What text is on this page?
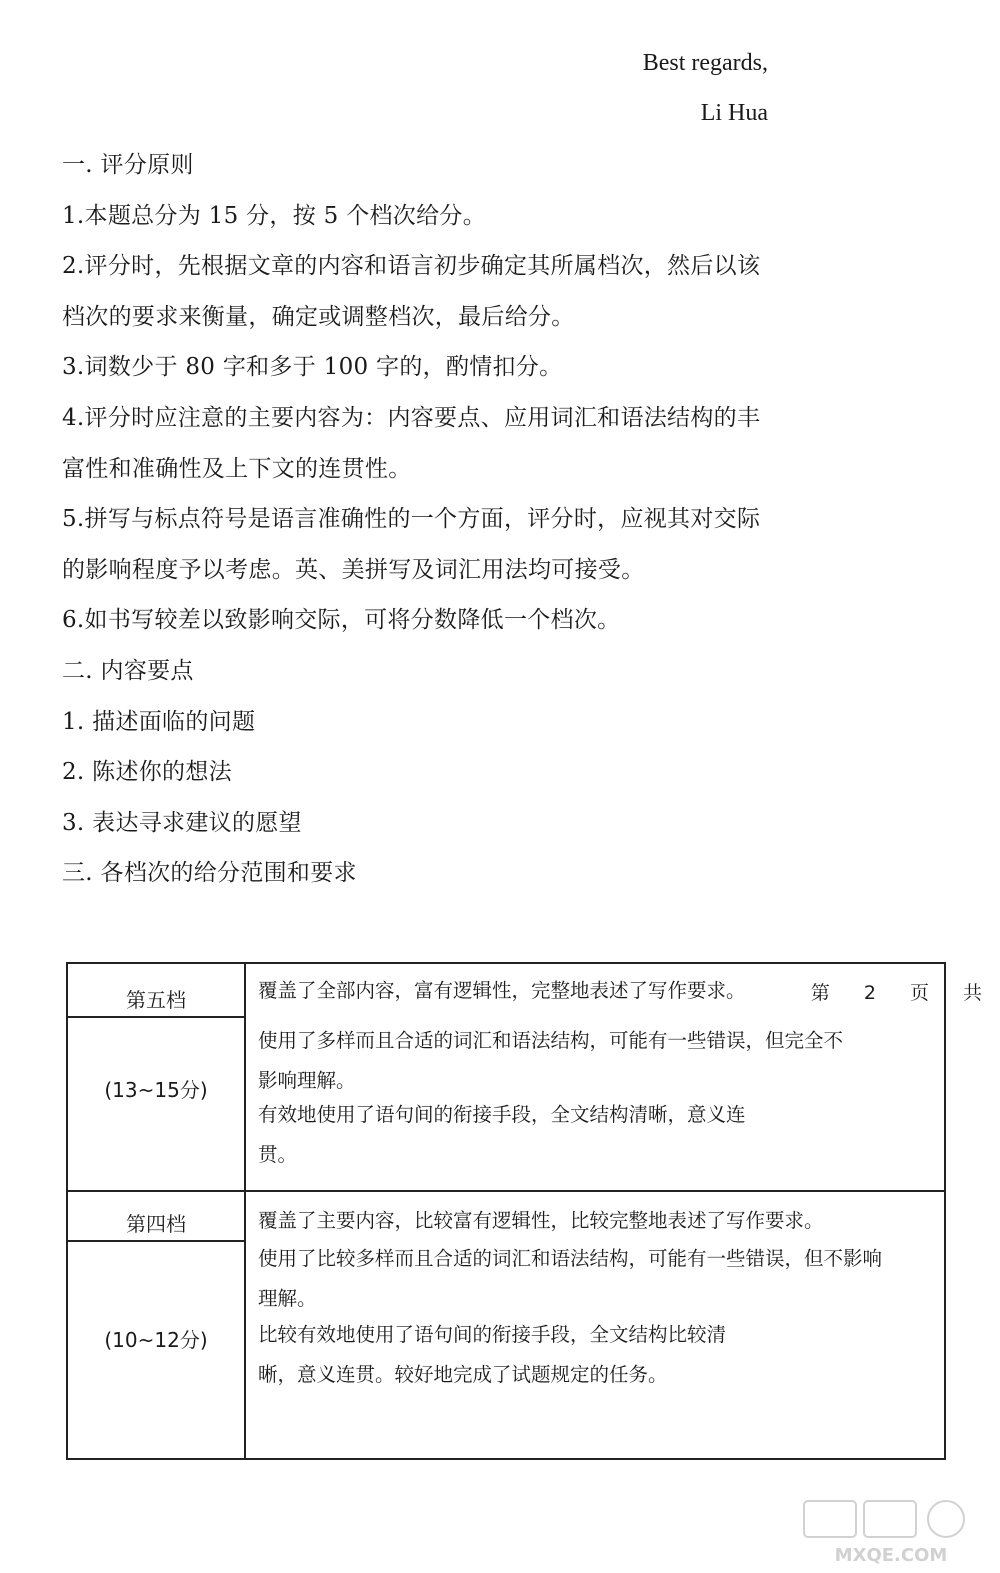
Best regards,
Li Hua
一. 评分原则
1.本题总分为 15 分，按 5 个档次给分。
2.评分时，先根据文章的内容和语言初步确定其所属档次，然后以该
档次的要求来衡量，确定或调整档次，最后给分。
3.词数少于 80 字和多于 100 字的，酌情扣分。
4.评分时应注意的主要内容为：内容要点、应用词汇和语法结构的丰
富性和准确性及上下文的连贯性。
5.拼写与标点符号是语言准确性的一个方面，评分时，应视其对交际
的影响程度予以考虑。英、美拼写及词汇用法均可接受。
6.如书写较差以致影响交际，可将分数降低一个档次。
二. 内容要点
1. 描述面临的问题
2. 陈述你的想法
3. 表达寻求建议的愿望
三. 各档次的给分范围和要求
第五档
(13~15分)
覆盖了全部内容，富有逻辑性，完整地表述了写作要求。
使用了多样而且合适的词汇和语法结构，可能有一些错误，但完全不
影响理解。
有效地使用了语句间的衔接手段，全文结构清晰，意义连
贯。
第四档
(10~12分)
覆盖了主要内容，比较富有逻辑性，比较完整地表述了写作要求。
使用了比较多样而且合适的词汇和语法结构，可能有一些错误，但不影响
理解。
比较有效地使用了语句间的衔接手段，全文结构比较清
晰，意义连贯。较好地完成了试题规定的任务。
第 2 页 共
MXQE.COM
